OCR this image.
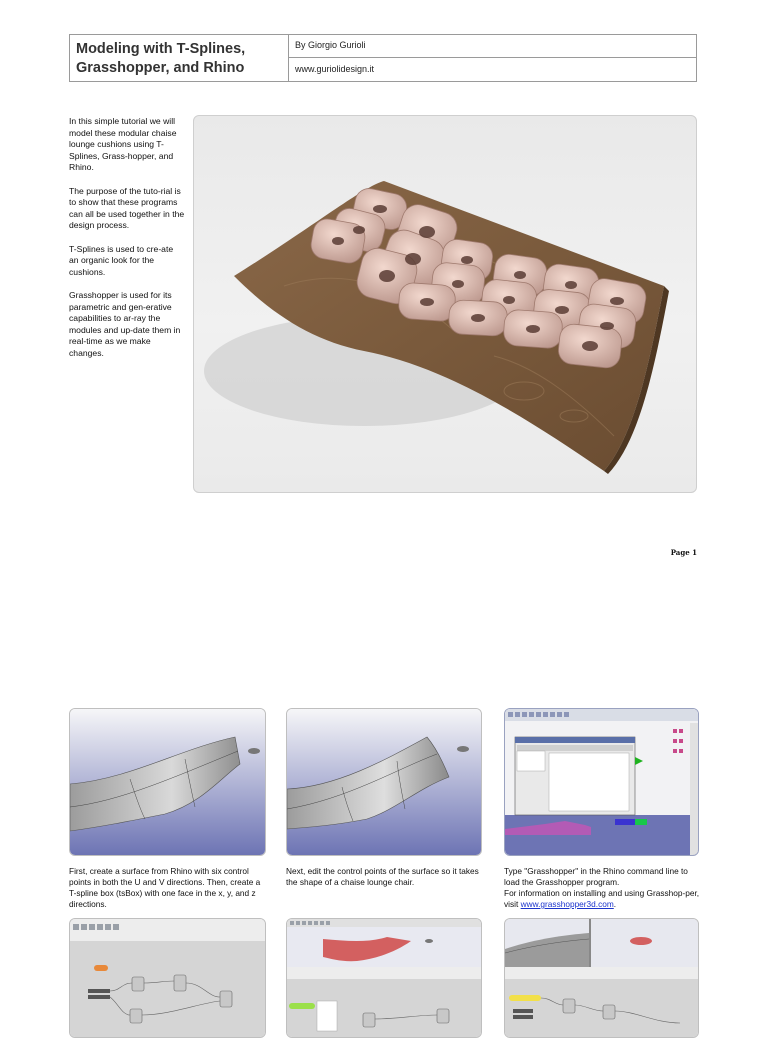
Modeling with T-Splines,
Grasshopper, and Rhino
By Giorgio Gurioli
www.guriolidesign.it

In this simple tutorial we will model these modular chaise lounge cushions using T-Splines, Grass-hopper, and Rhino.

The purpose of the tuto-rial is to show that these programs can all be used together in the design process.

T-Splines is used to cre-ate an organic look for the cushions.

Grasshopper is used for its parametric and gen-erative capabilities to ar-ray the modules and up-date them in real-time as we make changes.

Page 1
First, create a surface from Rhino with six control points in both the U and V directions. Then, create a T-spline box (tsBox) with one face in the x, y, and z directions.
Next, edit the control points of the surface so it takes the shape of a chaise lounge chair.
Type "Grasshopper" in the Rhino command line to load the Grasshopper program.
For information on installing and using Grasshop-per, visit www.grasshopper3d.com.
